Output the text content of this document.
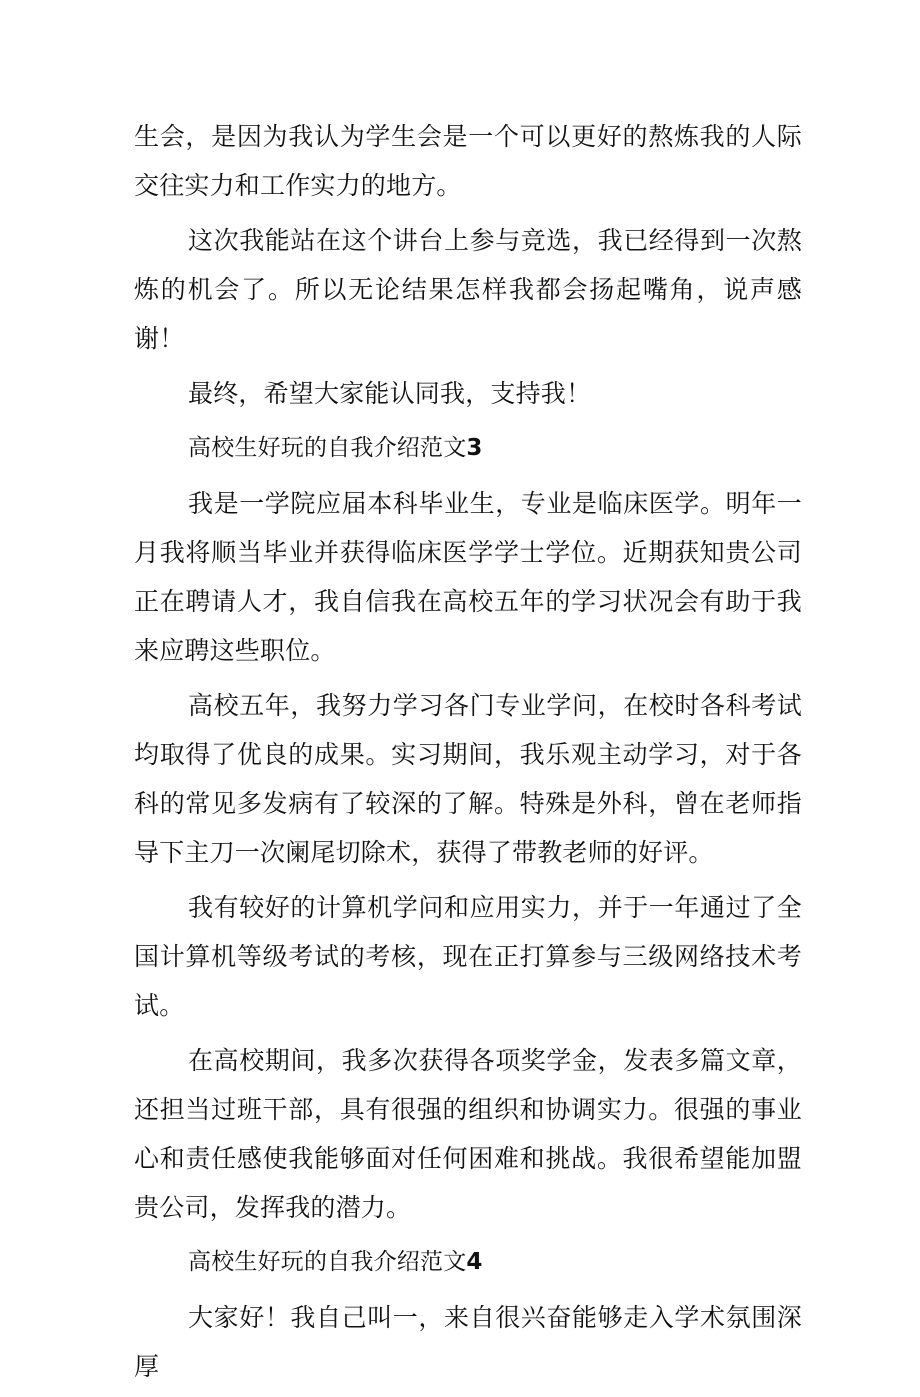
生会，是因为我认为学生会是一个可以更好的熬炼我的人际交往实力和工作实力的地方。

这次我能站在这个讲台上参与竞选，我已经得到一次熬炼的机会了。所以无论结果怎样我都会扬起嘴角，说声感谢！

最终，希望大家能认同我，支持我！

高校生好玩的自我介绍范文3

我是一学院应届本科毕业生，专业是临床医学。明年一月我将顺当毕业并获得临床医学学士学位。近期获知贵公司正在聘请人才，我自信我在高校五年的学习状况会有助于我来应聘这些职位。

高校五年，我努力学习各门专业学问，在校时各科考试均取得了优良的成果。实习期间，我乐观主动学习，对于各科的常见多发病有了较深的了解。特殊是外科，曾在老师指导下主刀一次阑尾切除术，获得了带教老师的好评。

我有较好的计算机学问和应用实力，并于一年通过了全国计算机等级考试的考核，现在正打算参与三级网络技术考试。

在高校期间，我多次获得各项奖学金，发表多篇文章，还担当过班干部，具有很强的组织和协调实力。很强的事业心和责任感使我能够面对任何困难和挑战。我很希望能加盟贵公司，发挥我的潜力。

高校生好玩的自我介绍范文4

大家好！我自己叫一，来自很兴奋能够走入学术氛围深厚
